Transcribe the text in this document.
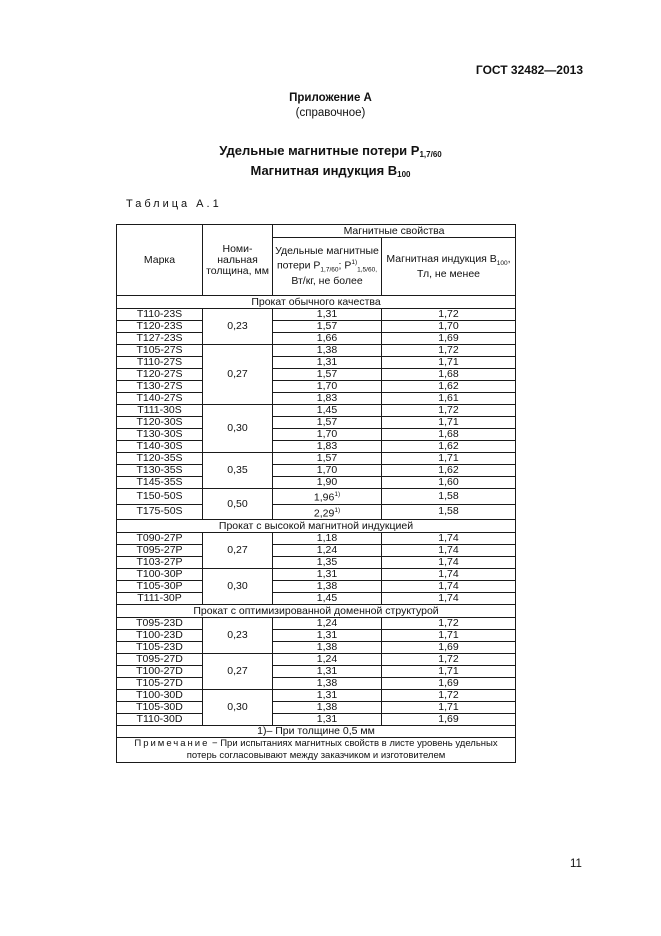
ГОСТ 32482—2013
Приложение А
(справочное)
Удельные магнитные потери $Р_{1,7/60}$
Магнитная индукция $В_{100}$
Таблица А.1
Марка	Номи-нальная толщина, мм	Магнитные свойства	
		Удельные магнитные потери $Р_{1,7/60}$; $Р^{1)}_{1,5/60,}$ Вт/кг, не более	Магнитная индукция $В_{100}$, Тл, не менее
Прокат обычного качества			
Т110-23S	0,23	1,31	1,72
Т120-23S		1,57	1,70
Т127-23S		1,66	1,69
Т105-27S	0,27	1,38	1,72
Т110-27S		1,31	1,71
Т120-27S		1,57	1,68
Т130-27S		1,70	1,62
Т140-27S		1,83	1,61
Т111-30S	0,30	1,45	1,72
Т120-30S		1,57	1,71
Т130-30S		1,70	1,68
Т140-30S		1,83	1,62
Т120-35S	0,35	1,57	1,71
Т130-35S		1,70	1,62
Т145-35S		1,90	1,60
Т150-50S	0,50	1,96$^{1)}$	1,58
Т175-50S		2,29$^{1)}$	1,58
Прокат с высокой магнитной индукцией			
Т090-27Р	0,27	1,18	1,74
Т095-27Р		1,24	1,74
Т103-27Р		1,35	1,74
Т100-30Р	0,30	1,31	1,74
Т105-30Р		1,38	1,74
Т111-30Р		1,45	1,74
Прокат с оптимизированной доменной структурой			
Т095-23D	0,23	1,24	1,72
Т100-23D		1,31	1,71
Т105-23D		1,38	1,69
Т095-27D	0,27	1,24	1,72
Т100-27D		1,31	1,71
Т105-27D		1,38	1,69
Т100-30D	0,30	1,31	1,72
Т105-30D		1,38	1,71
Т110-30D		1,31	1,69
1)– При толщине 0,5 мм			
Примечание − При испытаниях магнитных свойств в листе уровень удельных потерь согласовывают между заказчиком и изготовителем			
11
